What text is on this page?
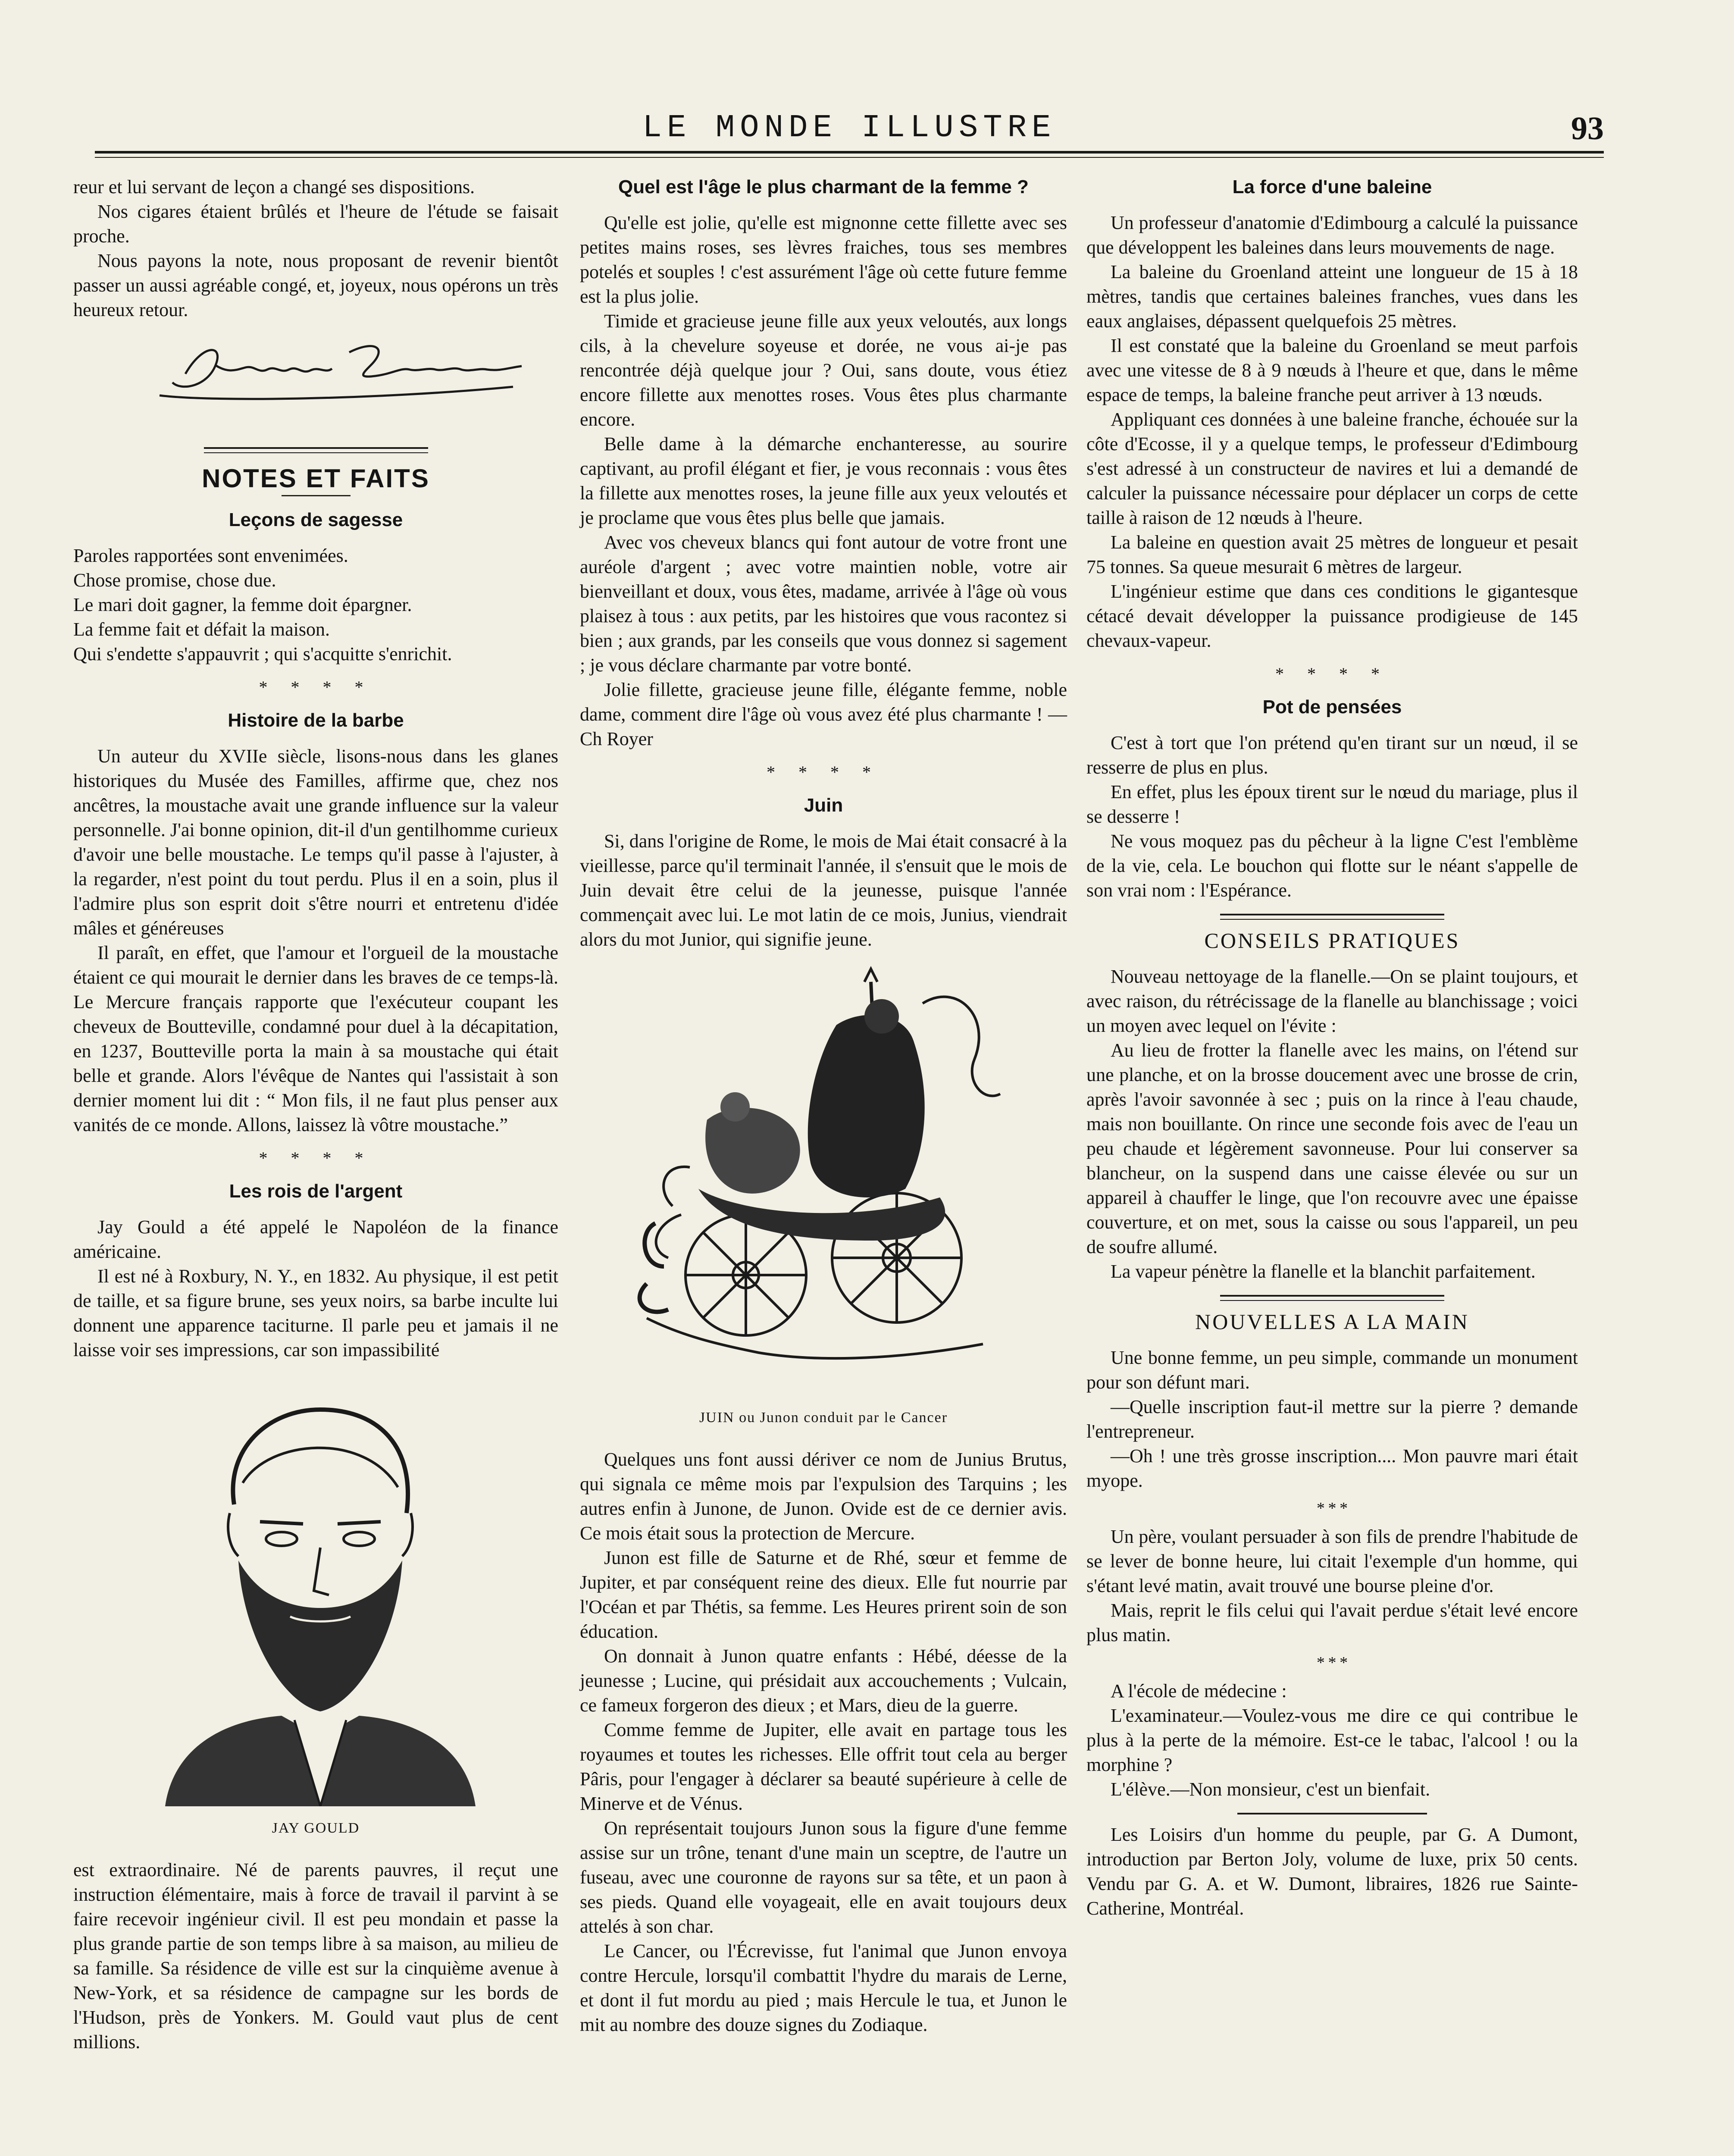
LE MONDE ILLUSTRE	93

reur et lui servant de leçon a changé ses dispositions.

Nos cigares étaient brûlés et l'heure de l'étude se faisait proche.

Nous payons la note, nous proposant de revenir bientôt passer un aussi agréable congé, et, joyeux, nous opérons un très heureux retour.

NOTES ET FAITS
Leçons de sagesse

Paroles rapportées sont envenimées.

Chose promise, chose due.

Le mari doit gagner, la femme doit épargner.

La femme fait et défait la maison.

Qui s'endette s'appauvrit ; qui s'acquitte s'enrichit.

* * * *
Histoire de la barbe

Un auteur du XVIIe siècle, lisons-nous dans les glanes historiques du Musée des Familles, affirme que, chez nos ancêtres, la moustache avait une grande influence sur la valeur personnelle. J'ai bonne opinion, dit-il d'un gentilhomme curieux d'avoir une belle moustache. Le temps qu'il passe à l'ajuster, à la regarder, n'est point du tout perdu. Plus il en a soin, plus il l'admire plus son esprit doit s'être nourri et entretenu d'idée mâles et généreuses

Il paraît, en effet, que l'amour et l'orgueil de la moustache étaient ce qui mourait le dernier dans les braves de ce temps-là. Le Mercure français rapporte que l'exécuteur coupant les cheveux de Boutteville, condamné pour duel à la décapitation, en 1237, Boutteville porta la main à sa moustache qui était belle et grande. Alors l'évêque de Nantes qui l'assistait à son dernier moment lui dit : “ Mon fils, il ne faut plus penser aux vanités de ce monde. Allons, laissez là vôtre moustache.”

* * * *
Les rois de l'argent

Jay Gould a été appelé le Napoléon de la finance américaine.

Il est né à Roxbury, N. Y., en 1832. Au physique, il est petit de taille, et sa figure brune, ses yeux noirs, sa barbe inculte lui donnent une apparence taciturne. Il parle peu et jamais il ne laisse voir ses impressions, car son impassibilité

JAY GOULD

est extraordinaire. Né de parents pauvres, il reçut une instruction élémentaire, mais à force de travail il parvint à se faire recevoir ingénieur civil. Il est peu mondain et passe la plus grande partie de son temps libre à sa maison, au milieu de sa famille. Sa résidence de ville est sur la cinquième avenue à New-York, et sa résidence de campagne sur les bords de l'Hudson, près de Yonkers. M. Gould vaut plus de cent millions.

Quel est l'âge le plus charmant de la femme ?

Qu'elle est jolie, qu'elle est mignonne cette fillette avec ses petites mains roses, ses lèvres fraiches, tous ses membres potelés et souples ! c'est assurément l'âge où cette future femme est la plus jolie.

Timide et gracieuse jeune fille aux yeux veloutés, aux longs cils, à la chevelure soyeuse et dorée, ne vous ai-je pas rencontrée déjà quelque jour ? Oui, sans doute, vous étiez encore fillette aux menottes roses. Vous êtes plus charmante encore.

Belle dame à la démarche enchanteresse, au sourire captivant, au profil élégant et fier, je vous reconnais : vous êtes la fillette aux menottes roses, la jeune fille aux yeux veloutés et je proclame que vous êtes plus belle que jamais.

Avec vos cheveux blancs qui font autour de votre front une auréole d'argent ; avec votre maintien noble, votre air bienveillant et doux, vous êtes, madame, arrivée à l'âge où vous plaisez à tous : aux petits, par les histoires que vous racontez si bien ; aux grands, par les conseils que vous donnez si sagement ; je vous déclare charmante par votre bonté.

Jolie fillette, gracieuse jeune fille, élégante femme, noble dame, comment dire l'âge où vous avez été plus charmante ! —Ch Royer

* * * *
Juin

Si, dans l'origine de Rome, le mois de Mai était consacré à la vieillesse, parce qu'il terminait l'année, il s'ensuit que le mois de Juin devait être celui de la jeunesse, puisque l'année commençait avec lui. Le mot latin de ce mois, Junius, viendrait alors du mot Junior, qui signifie jeune.

JUIN ou Junon conduit par le Cancer

Quelques uns font aussi dériver ce nom de Junius Brutus, qui signala ce même mois par l'expulsion des Tarquins ; les autres enfin à Junone, de Junon. Ovide est de ce dernier avis. Ce mois était sous la protection de Mercure.

Junon est fille de Saturne et de Rhé, sœur et femme de Jupiter, et par conséquent reine des dieux. Elle fut nourrie par l'Océan et par Thétis, sa femme. Les Heures prirent soin de son éducation.

On donnait à Junon quatre enfants : Hébé, déesse de la jeunesse ; Lucine, qui présidait aux accouchements ; Vulcain, ce fameux forgeron des dieux ; et Mars, dieu de la guerre.

Comme femme de Jupiter, elle avait en partage tous les royaumes et toutes les richesses. Elle offrit tout cela au berger Pâris, pour l'engager à déclarer sa beauté supérieure à celle de Minerve et de Vénus.

On représentait toujours Junon sous la figure d'une femme assise sur un trône, tenant d'une main un sceptre, de l'autre un fuseau, avec une couronne de rayons sur sa tête, et un paon à ses pieds. Quand elle voyageait, elle en avait toujours deux attelés à son char.

Le Cancer, ou l'Écrevisse, fut l'animal que Junon envoya contre Hercule, lorsqu'il combattit l'hydre du marais de Lerne, et dont il fut mordu au pied ; mais Hercule le tua, et Junon le mit au nombre des douze signes du Zodiaque.

La force d'une baleine

Un professeur d'anatomie d'Edimbourg a calculé la puissance que développent les baleines dans leurs mouvements de nage.

La baleine du Groenland atteint une longueur de 15 à 18 mètres, tandis que certaines baleines franches, vues dans les eaux anglaises, dépassent quelquefois 25 mètres.

Il est constaté que la baleine du Groenland se meut parfois avec une vitesse de 8 à 9 nœuds à l'heure et que, dans le même espace de temps, la baleine franche peut arriver à 13 nœuds.

Appliquant ces données à une baleine franche, échouée sur la côte d'Ecosse, il y a quelque temps, le professeur d'Edimbourg s'est adressé à un constructeur de navires et lui a demandé de calculer la puissance nécessaire pour déplacer un corps de cette taille à raison de 12 nœuds à l'heure.

La baleine en question avait 25 mètres de longueur et pesait 75 tonnes. Sa queue mesurait 6 mètres de largeur.

L'ingénieur estime que dans ces conditions le gigantesque cétacé devait développer la puissance prodigieuse de 145 chevaux-vapeur.

* * * *
Pot de pensées

C'est à tort que l'on prétend qu'en tirant sur un nœud, il se resserre de plus en plus.

En effet, plus les époux tirent sur le nœud du mariage, plus il se desserre !

Ne vous moquez pas du pêcheur à la ligne C'est l'emblème de la vie, cela. Le bouchon qui flotte sur le néant s'appelle de son vrai nom : l'Espérance.

CONSEILS PRATIQUES

Nouveau nettoyage de la flanelle.—On se plaint toujours, et avec raison, du rétrécissage de la flanelle au blanchissage ; voici un moyen avec lequel on l'évite :

Au lieu de frotter la flanelle avec les mains, on l'étend sur une planche, et on la brosse doucement avec une brosse de crin, après l'avoir savonnée à sec ; puis on la rince à l'eau chaude, mais non bouillante. On rince une seconde fois avec de l'eau un peu chaude et légèrement savonneuse. Pour lui conserver sa blancheur, on la suspend dans une caisse élevée ou sur un appareil à chauffer le linge, que l'on recouvre avec une épaisse couverture, et on met, sous la caisse ou sous l'appareil, un peu de soufre allumé.

La vapeur pénètre la flanelle et la blanchit parfaitement.

NOUVELLES A LA MAIN

Une bonne femme, un peu simple, commande un monument pour son défunt mari.

—Quelle inscription faut-il mettre sur la pierre ? demande l'entrepreneur.

—Oh ! une très grosse inscription.... Mon pauvre mari était myope.

* * *

Un père, voulant persuader à son fils de prendre l'habitude de se lever de bonne heure, lui citait l'exemple d'un homme, qui s'étant levé matin, avait trouvé une bourse pleine d'or.

Mais, reprit le fils celui qui l'avait perdue s'était levé encore plus matin.

* * *

A l'école de médecine :

L'examinateur.—Voulez-vous me dire ce qui contribue le plus à la perte de la mémoire. Est-ce le tabac, l'alcool ! ou la morphine ?

L'élève.—Non monsieur, c'est un bienfait.

Les Loisirs d'un homme du peuple, par G. A Dumont, introduction par Berton Joly, volume de luxe, prix 50 cents. Vendu par G. A. et W. Dumont, libraires, 1826 rue Sainte-Catherine, Montréal.
